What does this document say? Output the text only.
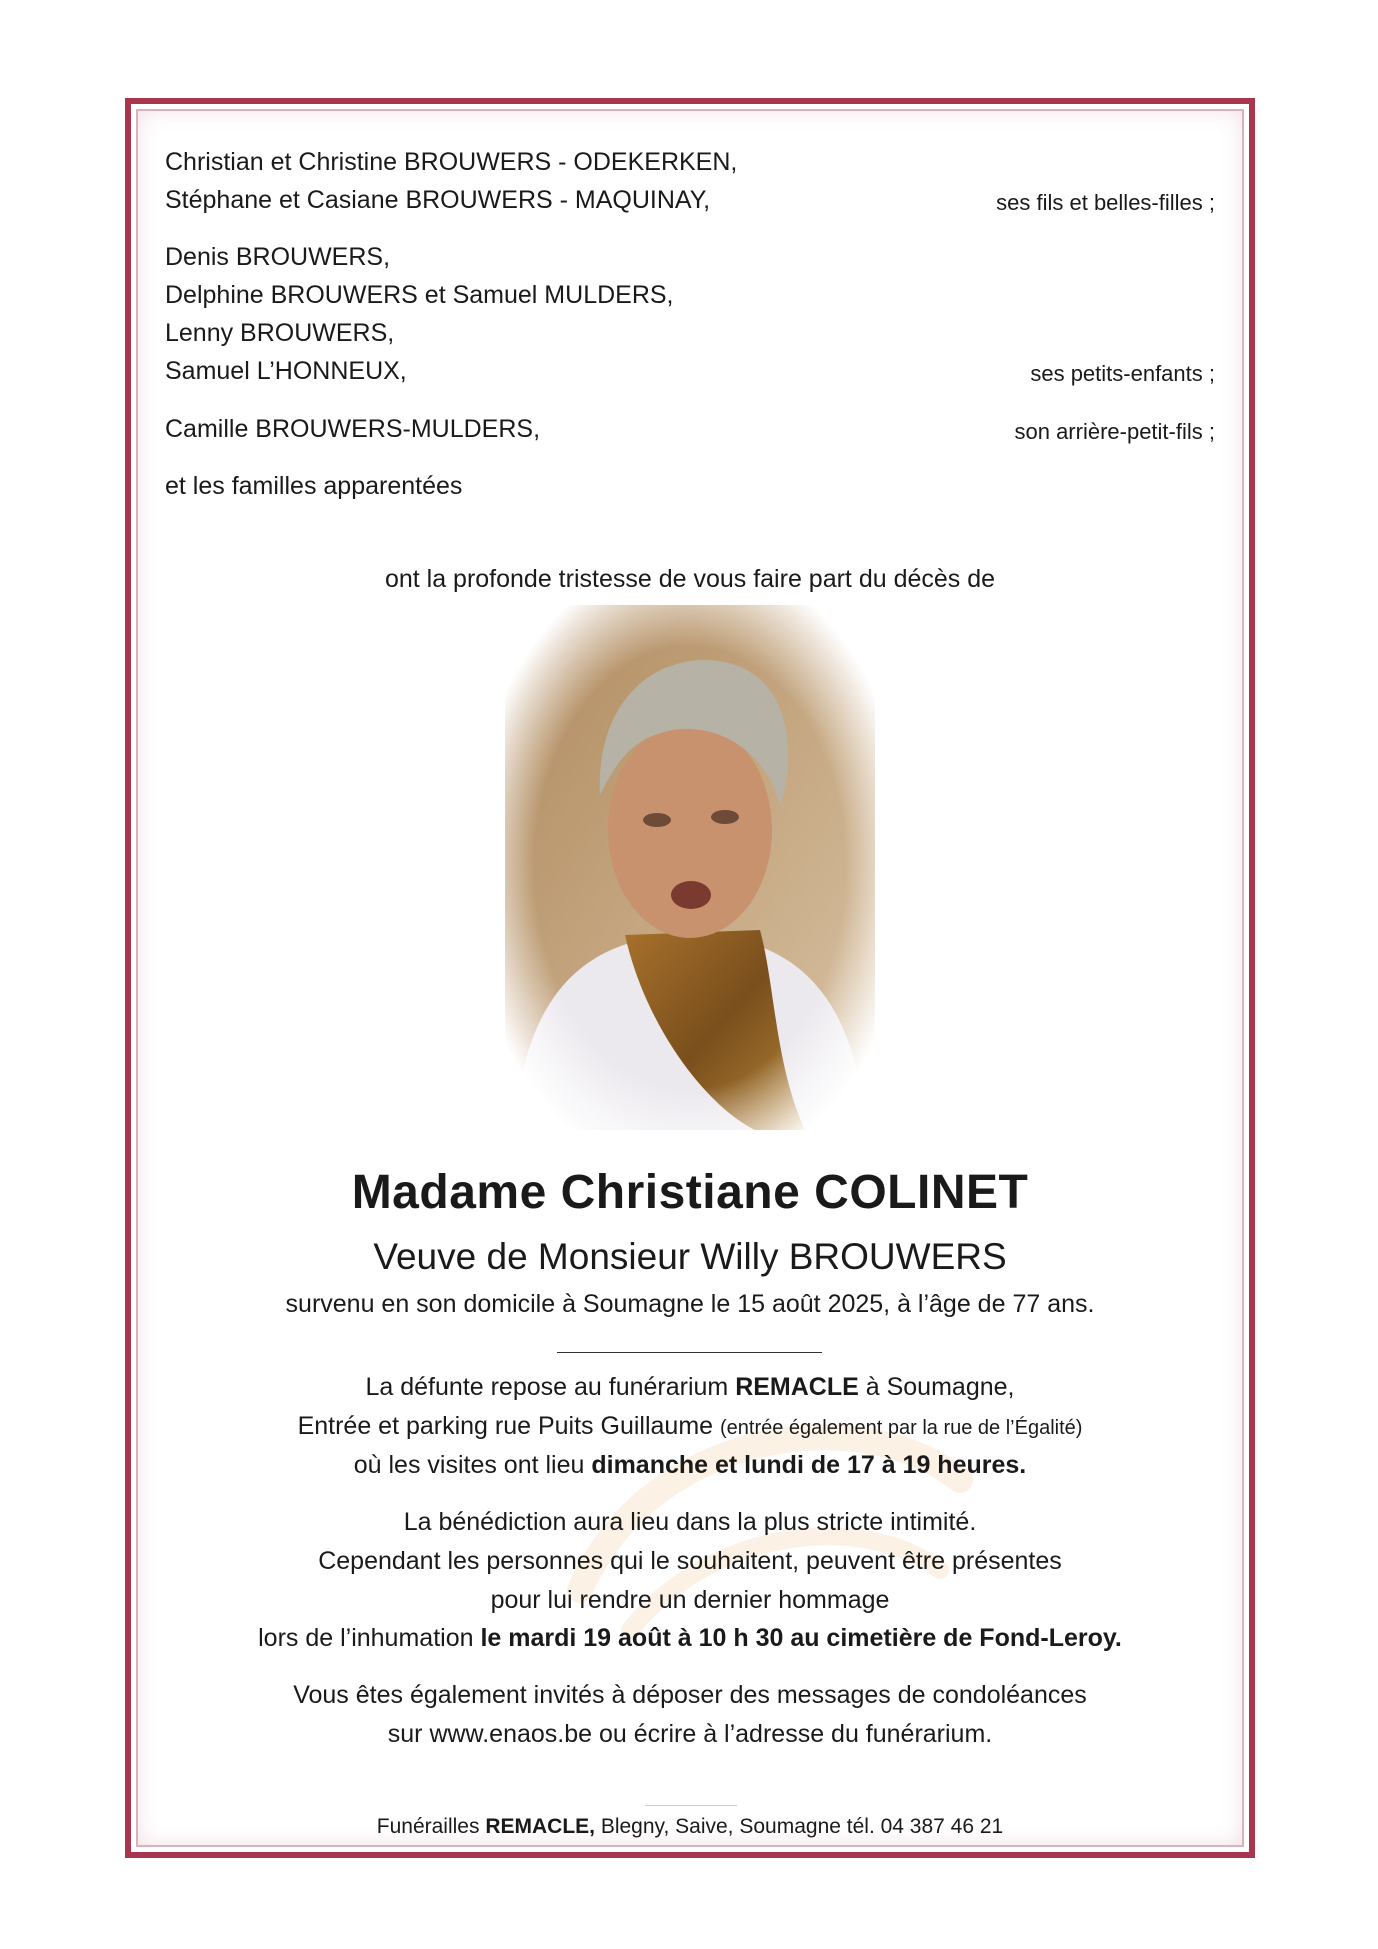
Christian et Christine BROUWERS - ODEKERKEN,
Stéphane et Casiane BROUWERS - MAQUINAY,	ses fils et belles-filles ;
Denis BROUWERS,
Delphine BROUWERS et Samuel MULDERS,
Lenny BROUWERS,
Samuel L’HONNEUX,	ses petits-enfants ;
Camille BROUWERS-MULDERS,	son arrière-petit-fils ;
et les familles apparentées
ont la profonde tristesse de vous faire part du décès de
Madame Christiane COLINET
Veuve de Monsieur Willy BROUWERS
survenu en son domicile à Soumagne le 15 août 2025, à l’âge de 77 ans.
La défunte repose au funérarium REMACLE à Soumagne,
Entrée et parking rue Puits Guillaume (entrée également par la rue de l’Égalité)
où les visites ont lieu dimanche et lundi de 17 à 19 heures.
La bénédiction aura lieu dans la plus stricte intimité.
Cependant les personnes qui le souhaitent, peuvent être présentes
pour lui rendre un dernier hommage
lors de l’inhumation le mardi 19 août à 10 h 30 au cimetière de Fond-Leroy.
Vous êtes également invités à déposer des messages de condoléances
sur www.enaos.be ou écrire à l’adresse du funérarium.
Funérailles REMACLE, Blegny, Saive, Soumagne tél. 04 387 46 21
